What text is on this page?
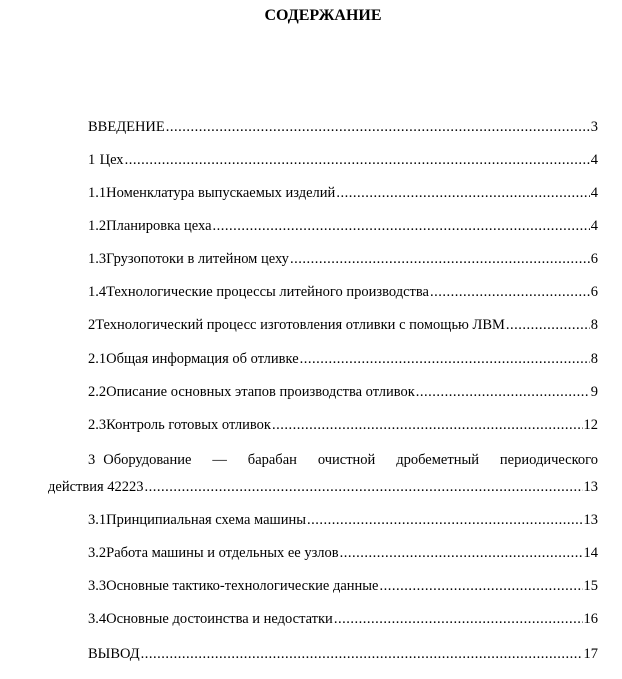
СОДЕРЖАНИЕ
ВВЕДЕНИЕ .....	3
1 Цех .....	4
1.1 Номенклатура выпускаемых изделий .....	4
1.2 Планировка цеха .....	4
1.3 Грузопотоки в литейном цеху .....	6
1.4 Технологические процессы литейного производства .....	6
2 Технологический процесс изготовления отливки с помощью ЛВМ .....	8
2.1 Общая информация об отливке .....	8
2.2 Описание основных этапов производства отливок .....	9
2.3 Контроль готовых отливок .....	12
3 Оборудование — барабан очистной дробеметный периодического
действия 42223 .....	13
3.1 Принципиальная схема машины .....	13
3.2 Работа машины и отдельных ее узлов .....	14
3.3 Основные тактико-технологические данные .....	15
3.4 Основные достоинства и недостатки .....	16
ВЫВОД .....	17
